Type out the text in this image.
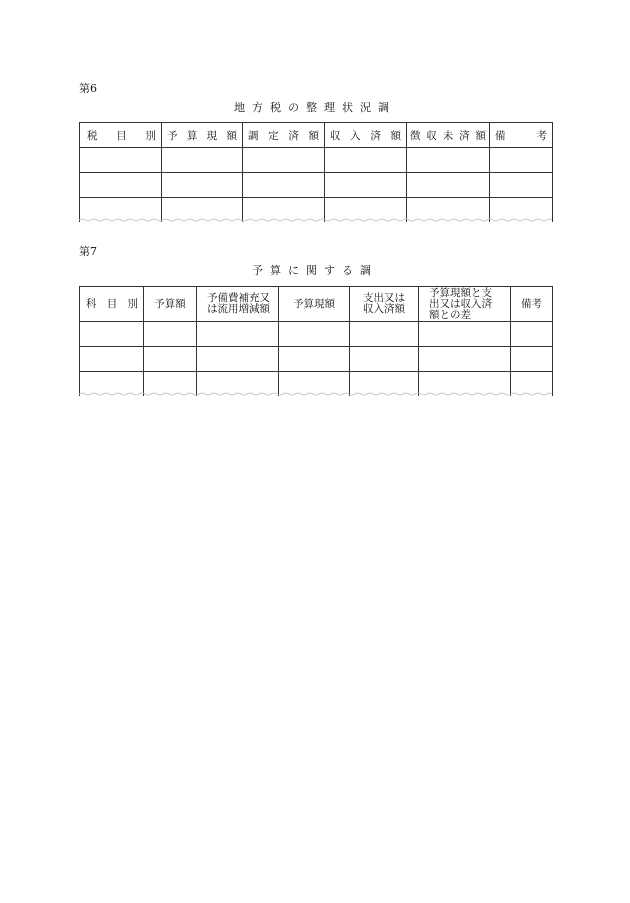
第6
地方税の整理状況調
税目別	予算現額	調定済額	収入済額	徴収未済額	備考

第7
予算に関する調
科目別	予算額	予備費補充又は流用増減額	予算現額	支出又は収入済額	予算現額と支出又は収入済額との差	備考
